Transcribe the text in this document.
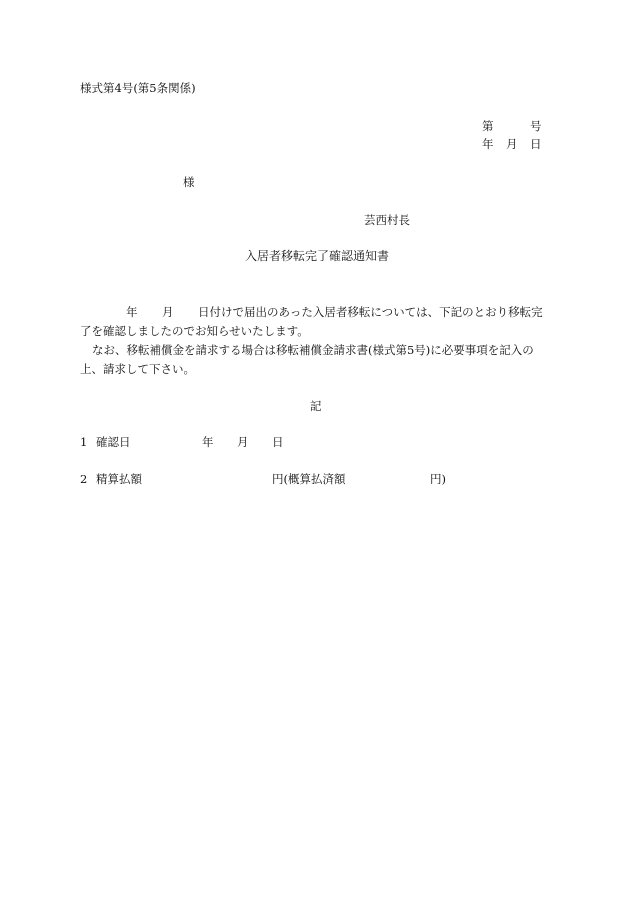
様式第4号(第5条関係)
第	号
年 月 日
様
芸西村長
入居者移転完了確認通知書
年 月 日付けで届出のあった入居者移転については、下記のとおり移転完
了を確認しましたのでお知らせいたします。
なお、移転補償金を請求する場合は移転補償金請求書(様式第5号)に必要事項を記入の
上、請求して下さい。
記
1 確認日	年 月 日
2 精算払額	円(概算払済額	円)
